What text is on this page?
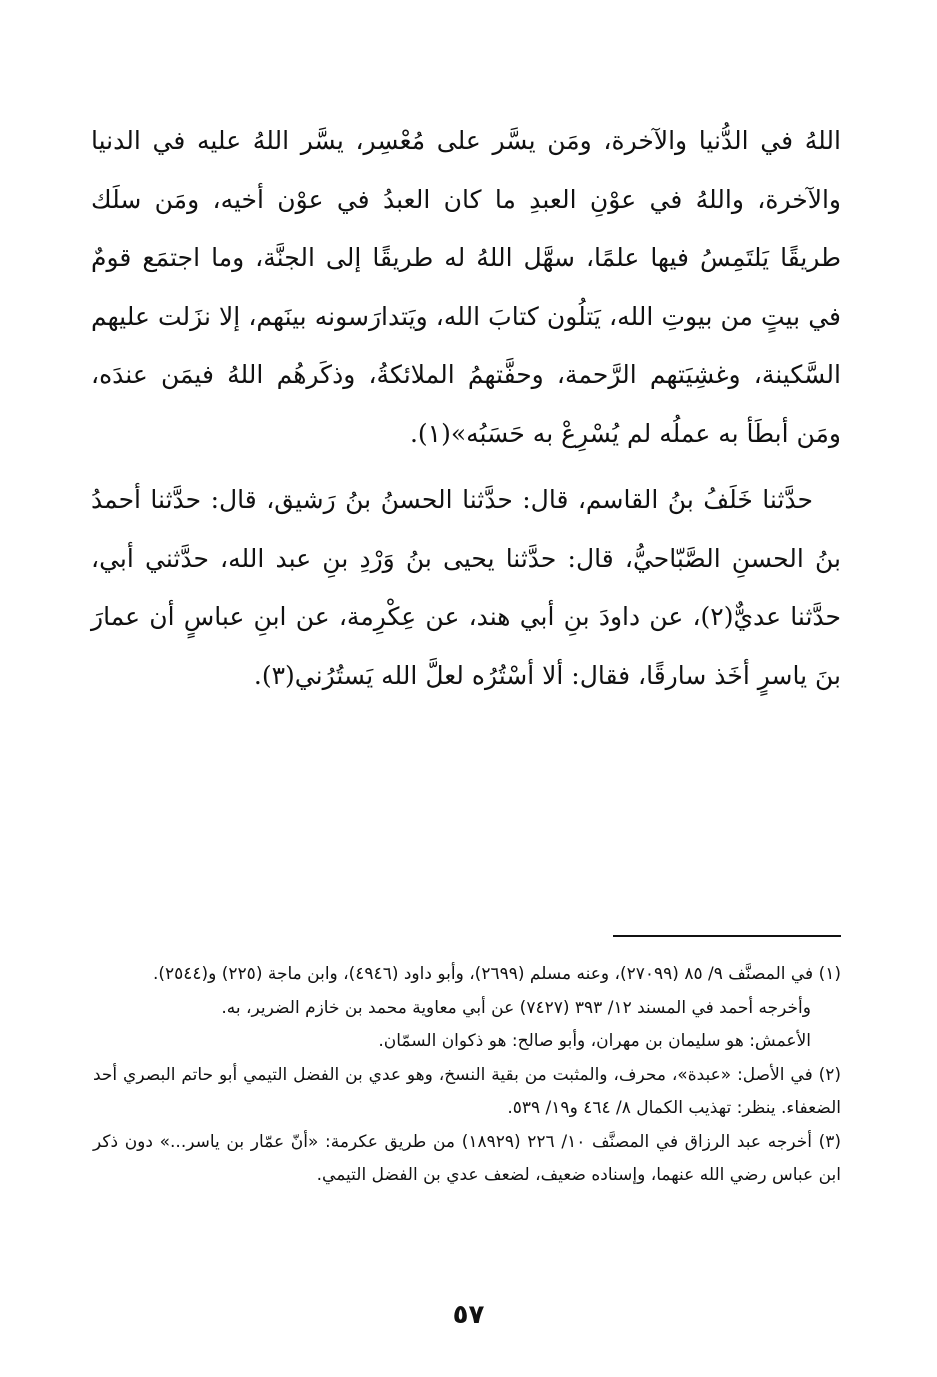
اللهُ في الدُّنيا والآخرة، ومَن يسَّر على مُعْسِر، يسَّر اللهُ عليه في الدنيا والآخرة، واللهُ في عوْنِ العبدِ ما كان العبدُ في عوْن أخيه، ومَن سلَك طريقًا يَلتَمِسُ فيها علمًا، سهَّل اللهُ له طريقًا إلى الجنَّة، وما اجتمَع قومٌ في بيتٍ من بيوتِ الله، يَتلُون كتابَ الله، ويَتدارَسونه بينَهم، إلا نزَلت عليهم السَّكينة، وغشِيَتهم الرَّحمة، وحفَّتهمُ الملائكةُ، وذكَرهُم اللهُ فيمَن عندَه، ومَن أبطَأ به عملُه لم يُسْرِعْ به حَسَبُه»(١).

حدَّثنا خَلَفُ بنُ القاسم، قال: حدَّثنا الحسنُ بنُ رَشيق، قال: حدَّثنا أحمدُ بنُ الحسنِ الصَّبّاحيُّ، قال: حدَّثنا يحيى بنُ وَرْدِ بنِ عبد الله، حدَّثني أبي، حدَّثنا عديٌّ(٢)، عن داودَ بنِ أبي هند، عن عِكْرِمة، عن ابنِ عباسٍ أن عمارَ بنَ ياسرٍ أخَذ سارقًا، فقال: ألا أسْتُرُه لعلَّ الله يَستُرُني(٣).

(١) في المصنَّف ٩/ ٨٥ (٢٧٠٩٩)، وعنه مسلم (٢٦٩٩)، وأبو داود (٤٩٤٦)، وابن ماجة (٢٢٥) و(٢٥٤٤).

وأخرجه أحمد في المسند ١٢/ ٣٩٣ (٧٤٢٧) عن أبي معاوية محمد بن خازم الضرير، به.

الأعمش: هو سليمان بن مهران، وأبو صالح: هو ذكوان السمّان.

(٢) في الأصل: «عبدة»، محرف، والمثبت من بقية النسخ، وهو عدي بن الفضل التيمي أبو حاتم البصري أحد الضعفاء. ينظر: تهذيب الكمال ٨/ ٤٦٤ و١٩/ ٥٣٩.

(٣) أخرجه عبد الرزاق في المصنَّف ١٠/ ٢٢٦ (١٨٩٢٩) من طريق عكرمة: «أنّ عمّار بن ياسر...» دون ذكر ابن عباس رضي الله عنهما، وإسناده ضعيف، لضعف عدي بن الفضل التيمي.

٥٧
